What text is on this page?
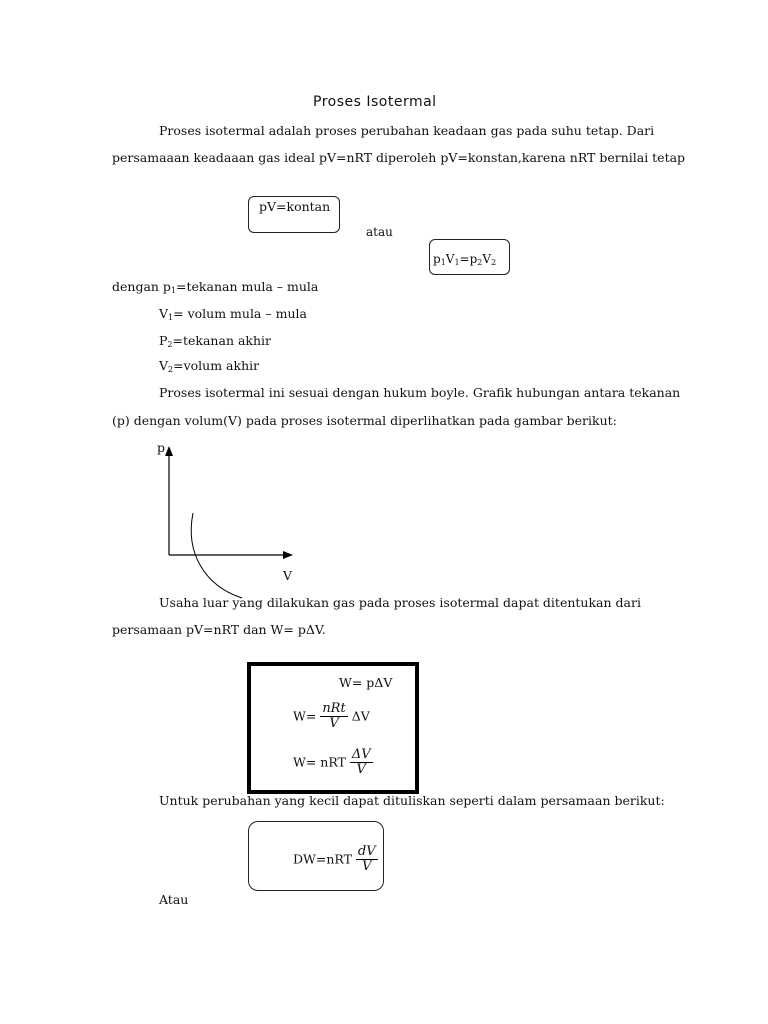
Proses Isotermal
Proses isotermal adalah proses perubahan keadaan gas pada suhu tetap. Dari
persamaaan keadaaan gas ideal pV=nRT diperoleh pV=konstan,karena nRT bernilai tetap
pV=kontan
atau
$p_1V_1=p_2V_2$
dengan $p_1=tekanan$ mula – mula
$V_1=$ volum mula – mula
$P_2=tekanan$ akhir
$V_2=volum$ akhir
Proses isotermal ini sesuai dengan hukum boyle. Grafik hubungan antara tekanan
(p) dengan volum(V) pada proses isotermal diperlihatkan pada gambar berikut:
p
V
Usaha luar yang dilakukan gas pada proses isotermal dapat ditentukan dari
persamaan pV=nRT dan W= pΔV.
W= pΔV
$W= \frac{\text{nRt}}{V}$ ΔV
W= nRT $\frac{\Delta V}{V}$
Untuk perubahan yang kecil dapat dituliskan seperti dalam persamaan berikut:
$DW=nRT \frac{dV}{V}$
Atau
